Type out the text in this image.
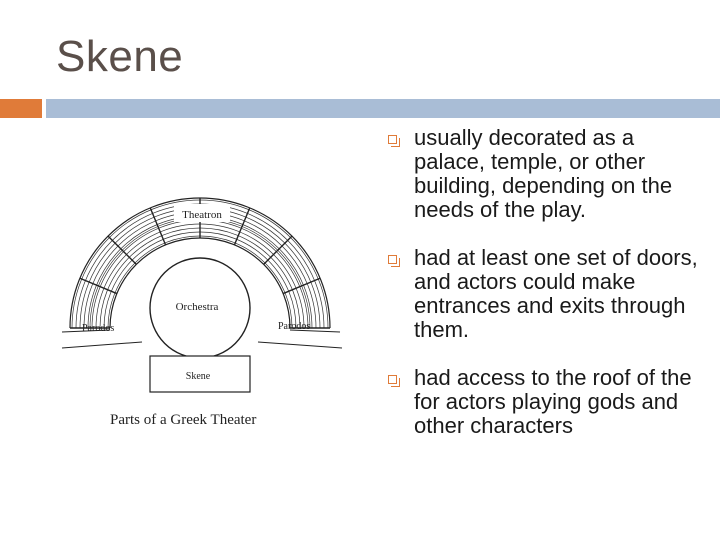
Skene
Theatron
Orchestra
Parodos	Parodos
Skene
Parts of a Greek Theater
usually decorated as a palace, temple, or other building, depending on the needs of the play.
had at least one set of doors, and actors could make entrances and exits through them.
had access to the roof of the for actors playing gods and other characters
